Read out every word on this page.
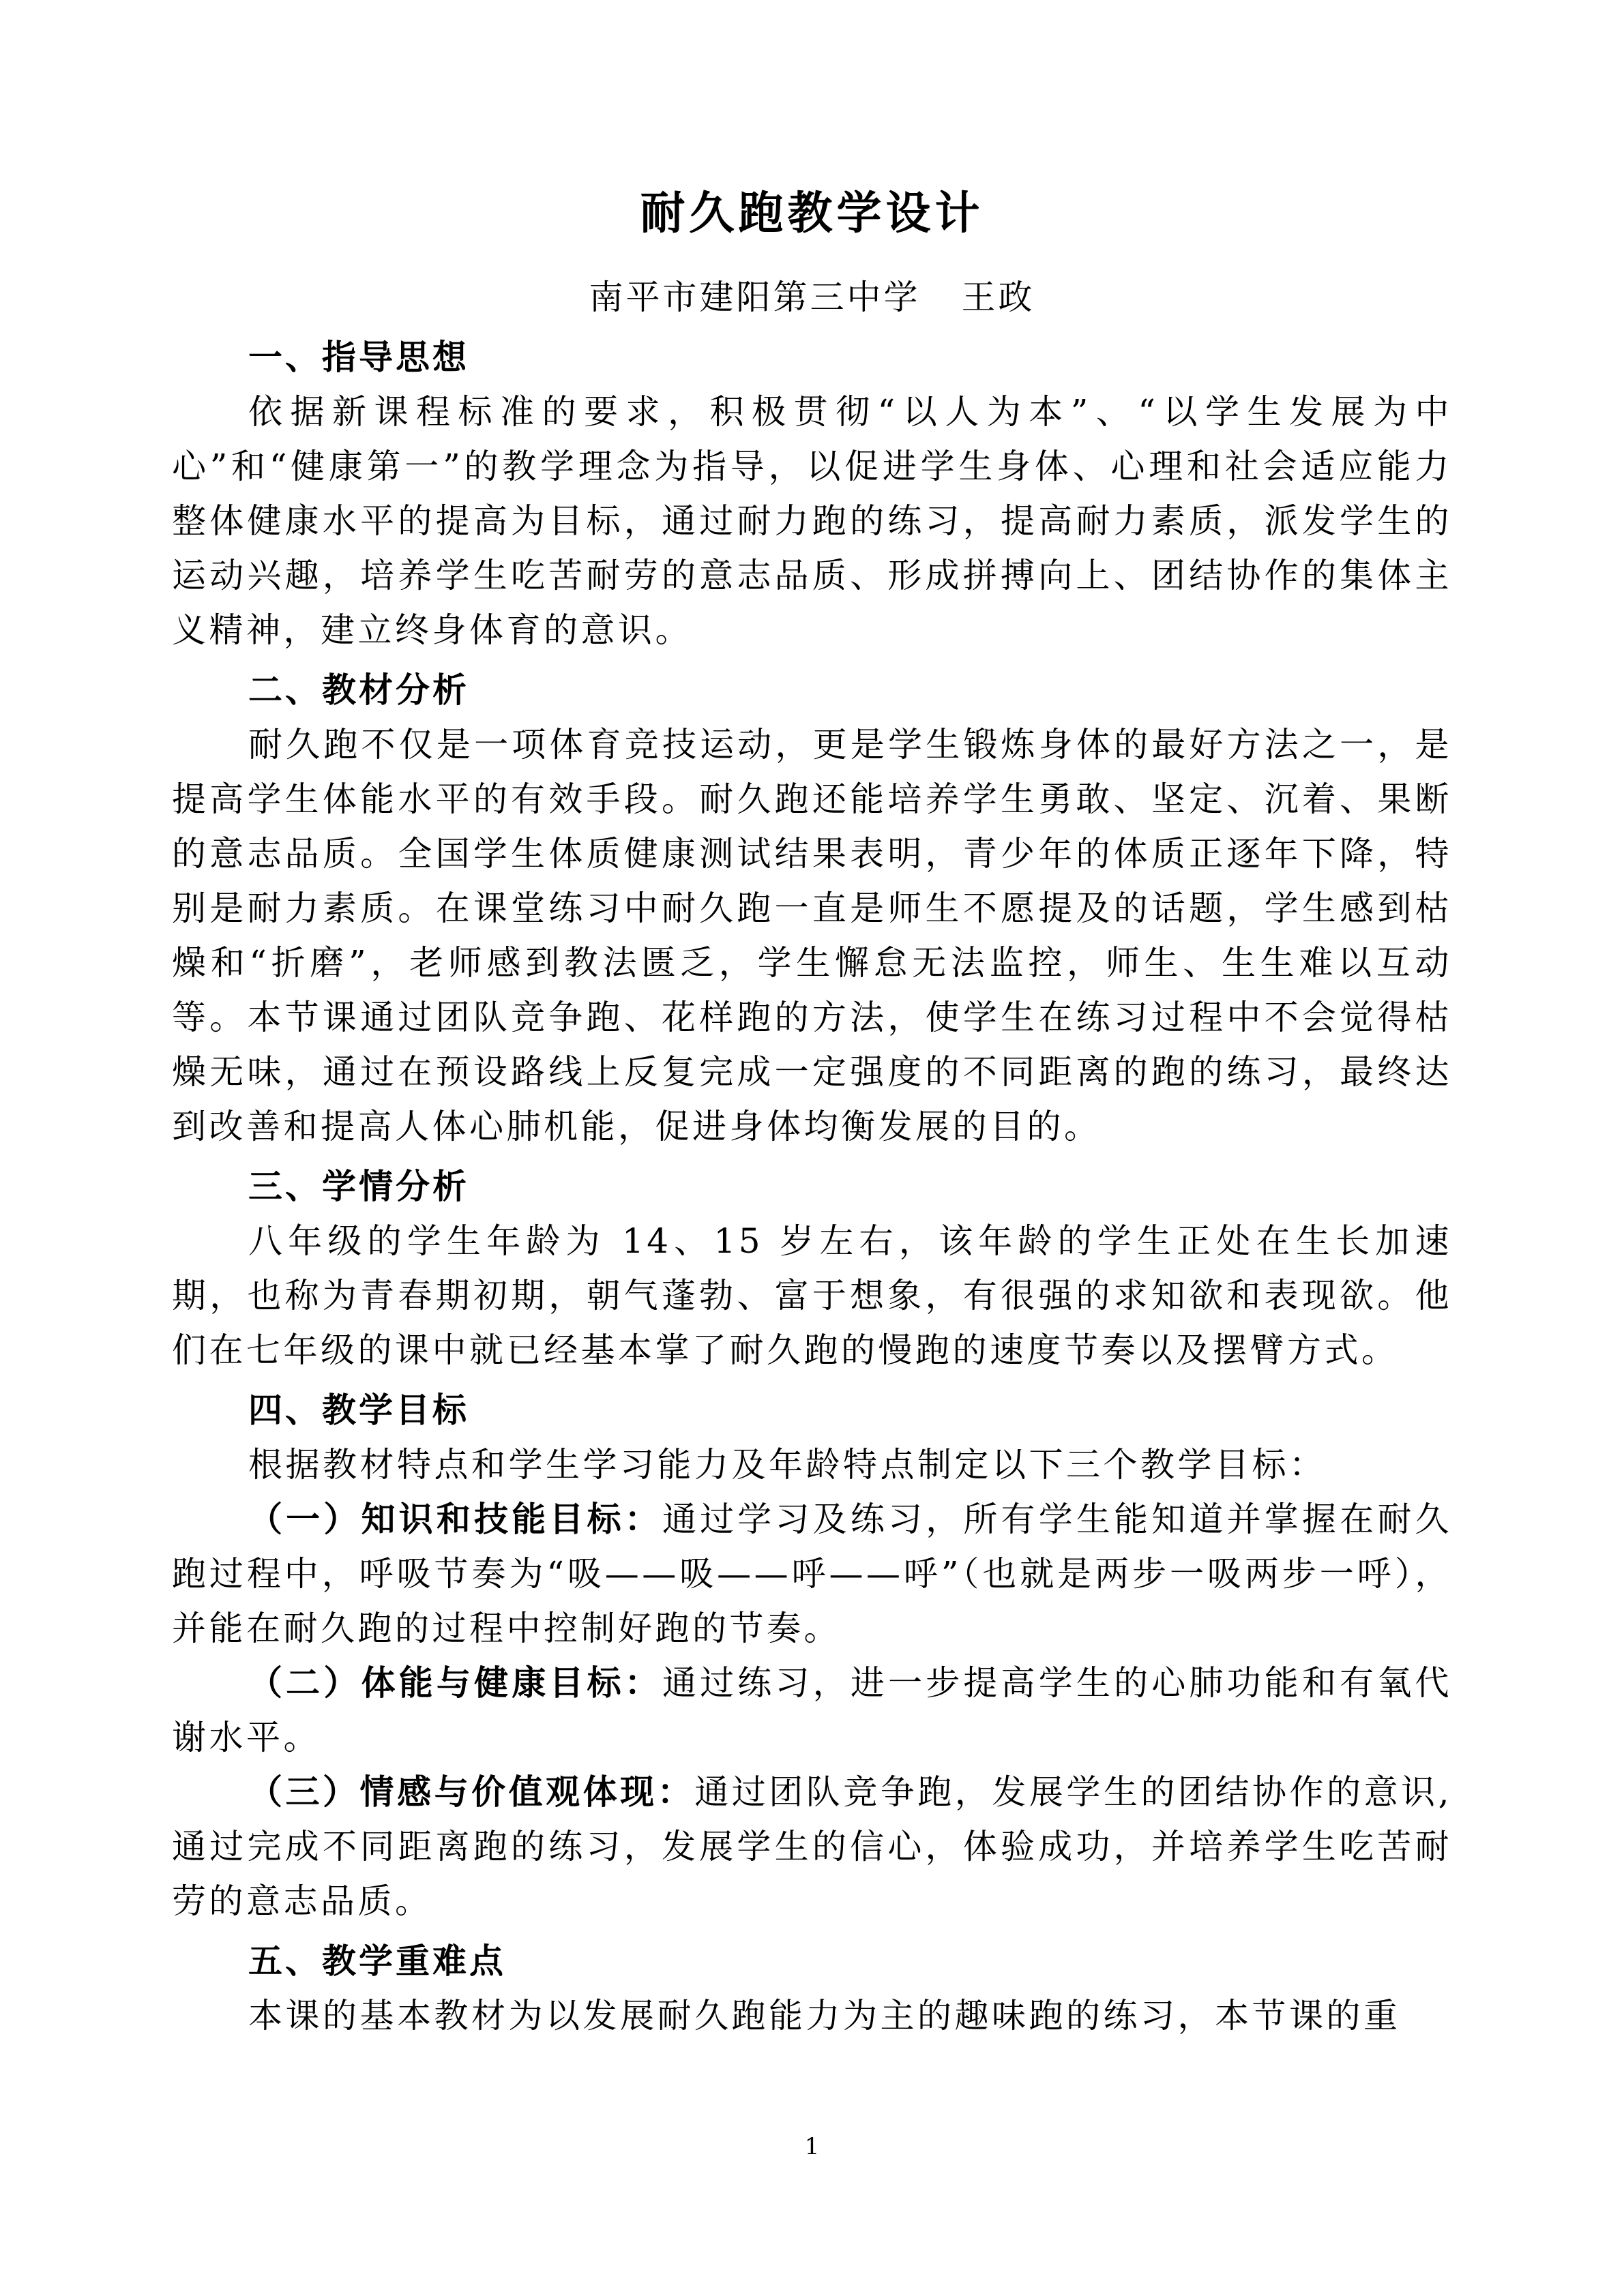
耐久跑教学设计
南平市建阳第三中学 王政
一、指导思想

依据新课程标准的要求，积极贯彻“以人为本”、“以学生发展为中心”和“健康第一”的教学理念为指导，以促进学生身体、心理和社会适应能力整体健康水平的提高为目标，通过耐力跑的练习，提高耐力素质，派发学生的运动兴趣，培养学生吃苦耐劳的意志品质、形成拼搏向上、团结协作的集体主义精神，建立终身体育的意识。

二、教材分析

耐久跑不仅是一项体育竞技运动，更是学生锻炼身体的最好方法之一，是提高学生体能水平的有效手段。耐久跑还能培养学生勇敢、坚定、沉着、果断的意志品质。全国学生体质健康测试结果表明，青少年的体质正逐年下降，特别是耐力素质。在课堂练习中耐久跑一直是师生不愿提及的话题，学生感到枯燥和“折磨”，老师感到教法匮乏，学生懈怠无法监控，师生、生生难以互动等。本节课通过团队竞争跑、花样跑的方法，使学生在练习过程中不会觉得枯燥无味，通过在预设路线上反复完成一定强度的不同距离的跑的练习，最终达到改善和提高人体心肺机能，促进身体均衡发展的目的。

三、学情分析

八年级的学生年龄为 14、15 岁左右，该年龄的学生正处在生长加速期，也称为青春期初期，朝气蓬勃、富于想象，有很强的求知欲和表现欲。他们在七年级的课中就已经基本掌了耐久跑的慢跑的速度节奏以及摆臂方式。

四、教学目标

根据教材特点和学生学习能力及年龄特点制定以下三个教学目标：

（一）知识和技能目标：通过学习及练习，所有学生能知道并掌握在耐久跑过程中，呼吸节奏为“吸——吸——呼——呼”（也就是两步一吸两步一呼），并能在耐久跑的过程中控制好跑的节奏。

（二）体能与健康目标：通过练习，进一步提高学生的心肺功能和有氧代谢水平。

（三）情感与价值观体现：通过团队竞争跑，发展学生的团结协作的意识,通过完成不同距离跑的练习，发展学生的信心，体验成功，并培养学生吃苦耐劳的意志品质。

五、教学重难点

本课的基本教材为以发展耐久跑能力为主的趣味跑的练习，本节课的重

1
